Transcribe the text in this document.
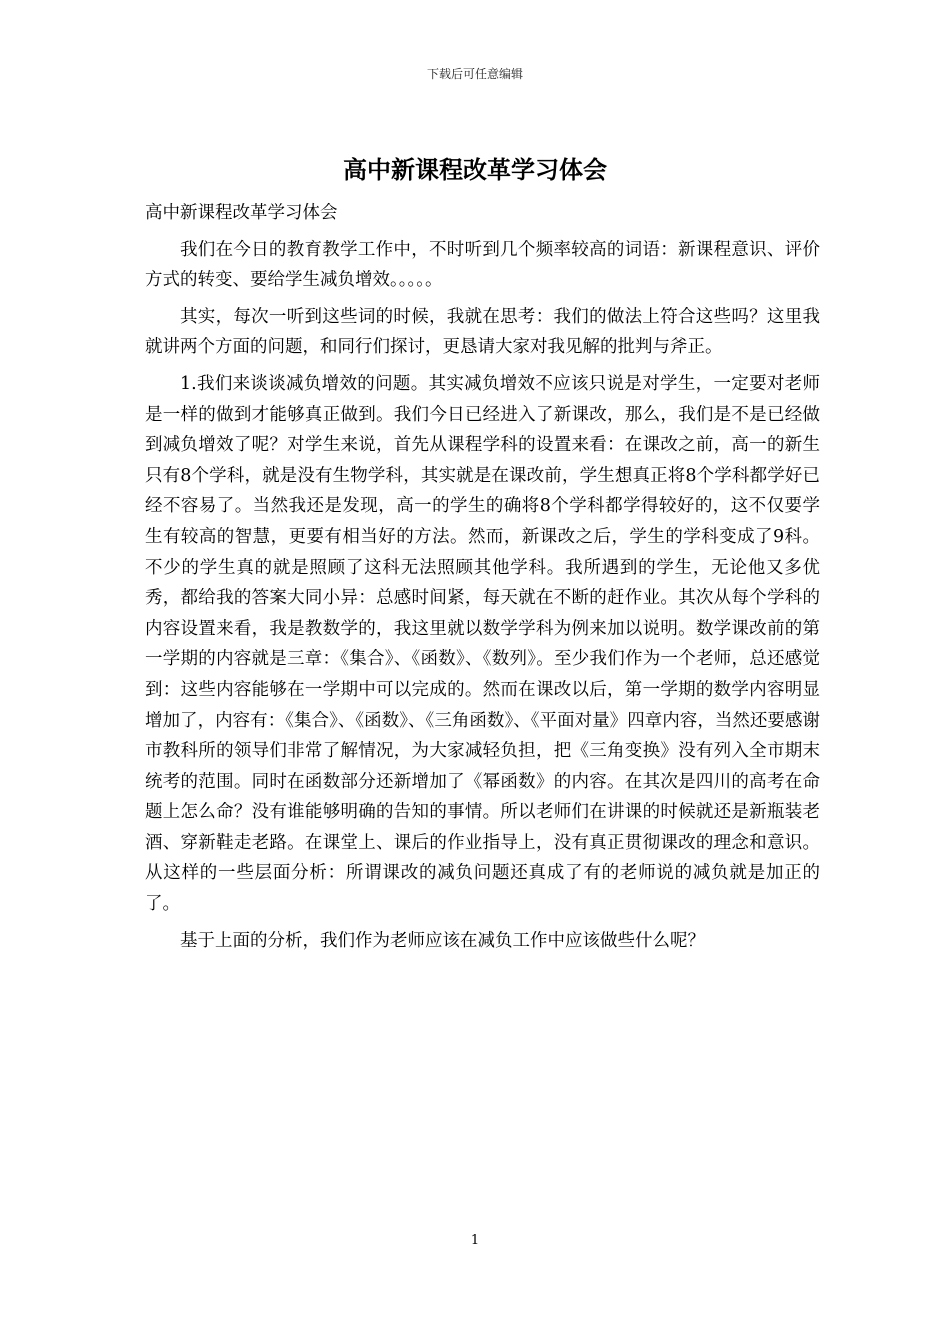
下载后可任意编辑
高中新课程改革学习体会

高中新课程改革学习体会

我们在今日的教育教学工作中，不时听到几个频率较高的词语：新课程意识、评价方式的转变、要给学生减负增效。。。。。

其实，每次一听到这些词的时候，我就在思考：我们的做法上符合这些吗？这里我就讲两个方面的问题，和同行们探讨，更恳请大家对我见解的批判与斧正。

1.我们来谈谈减负增效的问题。其实减负增效不应该只说是对学生，一定要对老师是一样的做到才能够真正做到。我们今日已经进入了新课改，那么，我们是不是已经做到减负增效了呢？对学生来说，首先从课程学科的设置来看：在课改之前，高一的新生只有8个学科，就是没有生物学科，其实就是在课改前，学生想真正将8个学科都学好已经不容易了。当然我还是发现，高一的学生的确将8个学科都学得较好的，这不仅要学生有较高的智慧，更要有相当好的方法。然而，新课改之后，学生的学科变成了9科。不少的学生真的就是照顾了这科无法照顾其他学科。我所遇到的学生，无论他又多优秀，都给我的答案大同小异：总感时间紧，每天就在不断的赶作业。其次从每个学科的内容设置来看，我是教数学的，我这里就以数学学科为例来加以说明。数学课改前的第一学期的内容就是三章：《集合》、《函数》、《数列》。至少我们作为一个老师，总还感觉到：这些内容能够在一学期中可以完成的。然而在课改以后，第一学期的数学内容明显增加了，内容有：《集合》、《函数》、《三角函数》、《平面对量》四章内容，当然还要感谢市教科所的领导们非常了解情况，为大家减轻负担，把《三角变换》没有列入全市期末统考的范围。同时在函数部分还新增加了《幂函数》的内容。在其次是四川的高考在命题上怎么命？没有谁能够明确的告知的事情。所以老师们在讲课的时候就还是新瓶装老酒、穿新鞋走老路。在课堂上、课后的作业指导上，没有真正贯彻课改的理念和意识。从这样的一些层面分析：所谓课改的减负问题还真成了有的老师说的减负就是加正的了。

基于上面的分析，我们作为老师应该在减负工作中应该做些什么呢？

1
